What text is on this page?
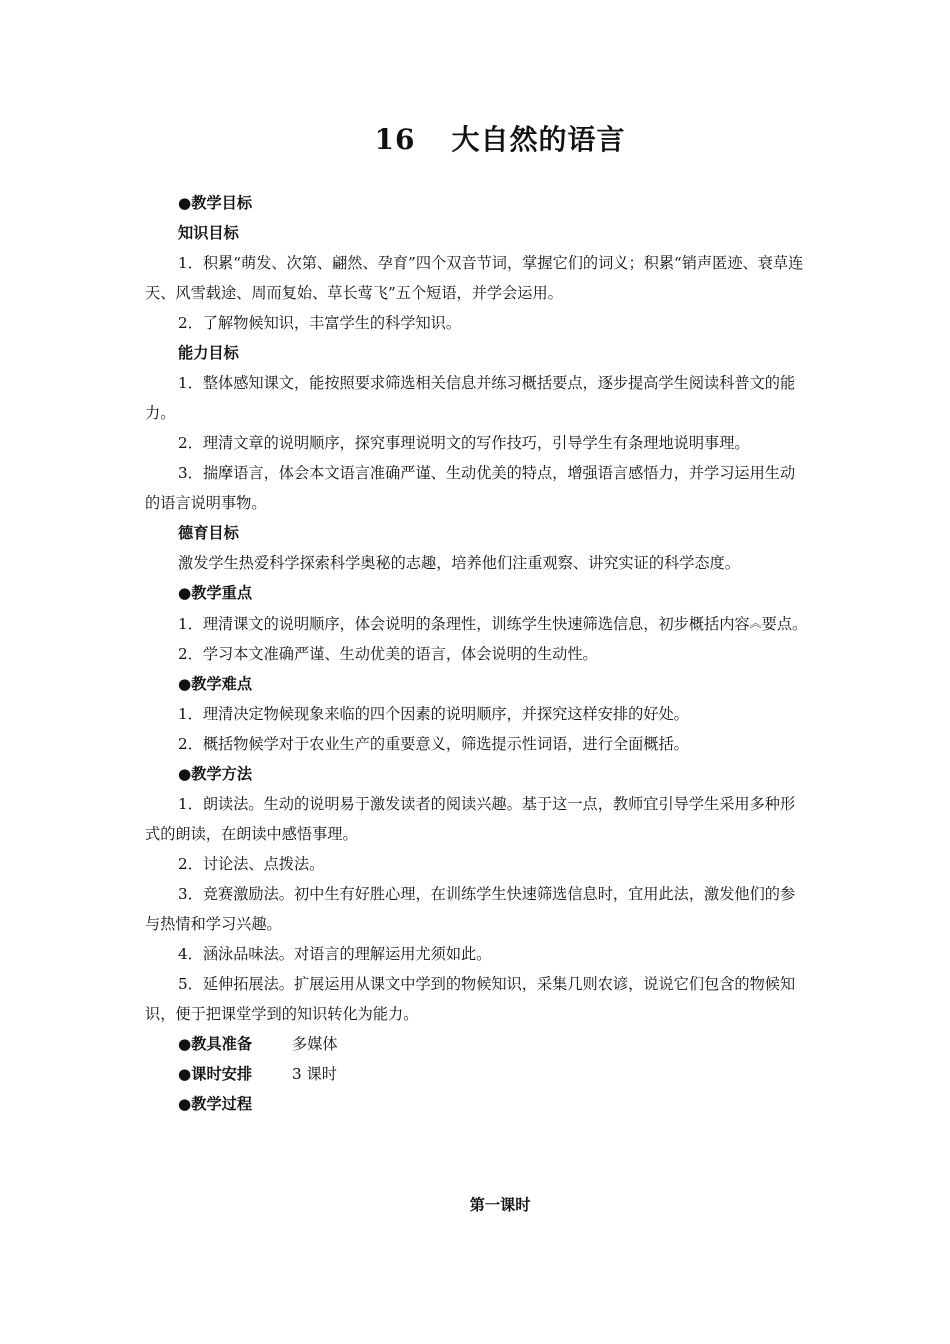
16 大自然的语言

●教学目标

知识目标

1．积累“萌发、次第、翩然、孕育”四个双音节词，掌握它们的词义；积累“销声匿迹、衰草连天、风雪载途、周而复始、草长莺飞”五个短语，并学会运用。

2．了解物候知识，丰富学生的科学知识。

能力目标

1．整体感知课文，能按照要求筛选相关信息并练习概括要点，逐步提高学生阅读科普文的能力。

2．理清文章的说明顺序，探究事理说明文的写作技巧，引导学生有条理地说明事理。

3．揣摩语言，体会本文语言准确严谨、生动优美的特点，增强语言感悟力，并学习运用生动的语言说明事物。

德育目标

激发学生热爱科学探索科学奥秘的志趣，培养他们注重观察、讲究实证的科学态度。

●教学重点

1．理清课文的说明顺序，体会说明的条理性，训练学生快速筛选信息，初步概括内容︽要点。

2．学习本文准确严谨、生动优美的语言，体会说明的生动性。

●教学难点

1．理清决定物候现象来临的四个因素的说明顺序，并探究这样安排的好处。

2．概括物候学对于农业生产的重要意义，筛选提示性词语，进行全面概括。

●教学方法

1．朗读法。生动的说明易于激发读者的阅读兴趣。基于这一点，教师宜引导学生采用多种形式的朗读，在朗读中感悟事理。

2．讨论法、点拨法。

3．竞赛激励法。初中生有好胜心理，在训练学生快速筛选信息时，宜用此法，激发他们的参与热情和学习兴趣。

4．涵泳品味法。对语言的理解运用尤须如此。

5．延伸拓展法。扩展运用从课文中学到的物候知识，采集几则农谚，说说它们包含的物候知识，便于把课堂学到的知识转化为能力。

●教具准备	多媒体

●课时安排	3 课时

●教学过程

第一课时
